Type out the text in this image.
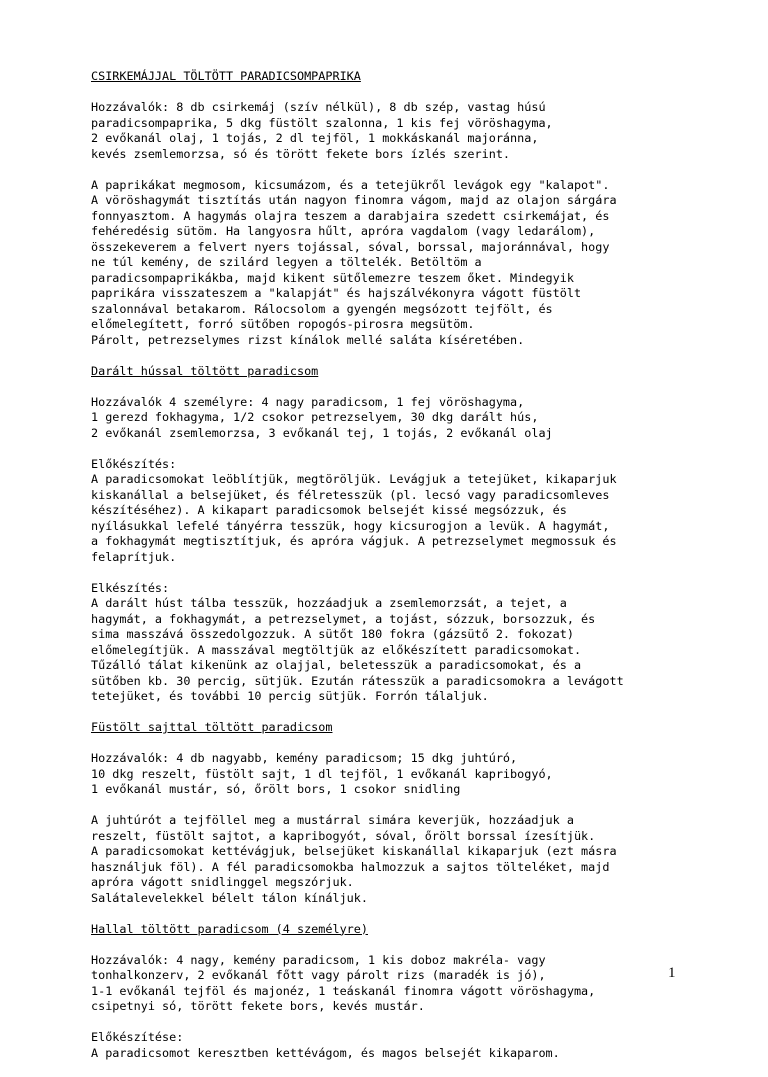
CSIRKEMÁJJAL TÖLTÖTT PARADICSOMPAPRIKA
Hozzávalók: 8 db csirkemáj (szív nélkül), 8 db szép, vastag húsú
paradicsompaprika, 5 dkg füstölt szalonna, 1 kis fej vöröshagyma,
2 evőkanál olaj, 1 tojás, 2 dl tejföl, 1 mokkáskanál majoránna,
kevés zsemlemorzsa, só és törött fekete bors ízlés szerint.
A paprikákat megmosom, kicsumázom, és a tetejükről levágok egy "kalapot".
A vöröshagymát tisztítás után nagyon finomra vágom, majd az olajon sárgára
fonnyasztom. A hagymás olajra teszem a darabjaira szedett csirkemájat, és
fehéredésig sütöm. Ha langyosra hűlt, apróra vagdalom (vagy ledarálom),
összekeverem a felvert nyers tojással, sóval, borssal, majoránnával, hogy
ne túl kemény, de szilárd legyen a töltelék. Betöltöm a
paradicsompaprikákba, majd kikent sütőlemezre teszem őket. Mindegyik
paprikára visszateszem a "kalapját" és hajszálvékonyra vágott füstölt
szalonnával betakarom. Rálocsolom a gyengén megsózott tejfölt, és
előmelegített, forró sütőben ropogós-pirosra megsütöm.
Párolt, petrezselymes rizst kínálok mellé saláta kíséretében.
Darált hússal töltött paradicsom
Hozzávalók 4 személyre: 4 nagy paradicsom, 1 fej vöröshagyma,
1 gerezd fokhagyma, 1/2 csokor petrezselyem, 30 dkg darált hús,
2 evőkanál zsemlemorzsa, 3 evőkanál tej, 1 tojás, 2 evőkanál olaj
Előkészítés:
A paradicsomokat leöblítjük, megtöröljük. Levágjuk a tetejüket, kikaparjuk
kiskanállal a belsejüket, és félretesszük (pl. lecsó vagy paradicsomleves
készítéséhez). A kikapart paradicsomok belsejét kissé megsózzuk, és
nyílásukkal lefelé tányérra tesszük, hogy kicsurogjon a levük. A hagymát,
a fokhagymát megtisztítjuk, és apróra vágjuk. A petrezselymet megmossuk és
felaprítjuk.
Elkészítés:
A darált húst tálba tesszük, hozzáadjuk a zsemlemorzsát, a tejet, a
hagymát, a fokhagymát, a petrezselymet, a tojást, sózzuk, borsozzuk, és
sima masszává összedolgozzuk. A sütőt 180 fokra (gázsütő 2. fokozat)
előmelegítjük. A masszával megtöltjük az előkészített paradicsomokat.
Tűzálló tálat kikenünk az olajjal, beletesszük a paradicsomokat, és a
sütőben kb. 30 percig, sütjük. Ezután rátesszük a paradicsomokra a levágott
tetejüket, és további 10 percig sütjük. Forrón tálaljuk.
Füstölt sajttal töltött paradicsom
Hozzávalók: 4 db nagyabb, kemény paradicsom; 15 dkg juhtúró,
10 dkg reszelt, füstölt sajt, 1 dl tejföl, 1 evőkanál kapribogyó,
1 evőkanál mustár, só, őrölt bors, 1 csokor snidling
A juhtúrót a tejföllel meg a mustárral simára keverjük, hozzáadjuk a
reszelt, füstölt sajtot, a kapribogyót, sóval, őrölt borssal ízesítjük.
A paradicsomokat kettévágjuk, belsejüket kiskanállal kikaparjuk (ezt másra
használjuk föl). A fél paradicsomokba halmozzuk a sajtos tölteléket, majd
apróra vágott snidlinggel megszórjuk.
Salátalevelekkel bélelt tálon kínáljuk.
Hallal töltött paradicsom (4 személyre)
Hozzávalók: 4 nagy, kemény paradicsom, 1 kis doboz makréla- vagy
tonhalkonzerv, 2 evőkanál főtt vagy párolt rizs (maradék is jó),
1-1 evőkanál tejföl és majonéz, 1 teáskanál finomra vágott vöröshagyma,
csipetnyi só, törött fekete bors, kevés mustár.
Előkészítése:
A paradicsomot keresztben kettévágom, és magos belsejét kikaparom.
1
